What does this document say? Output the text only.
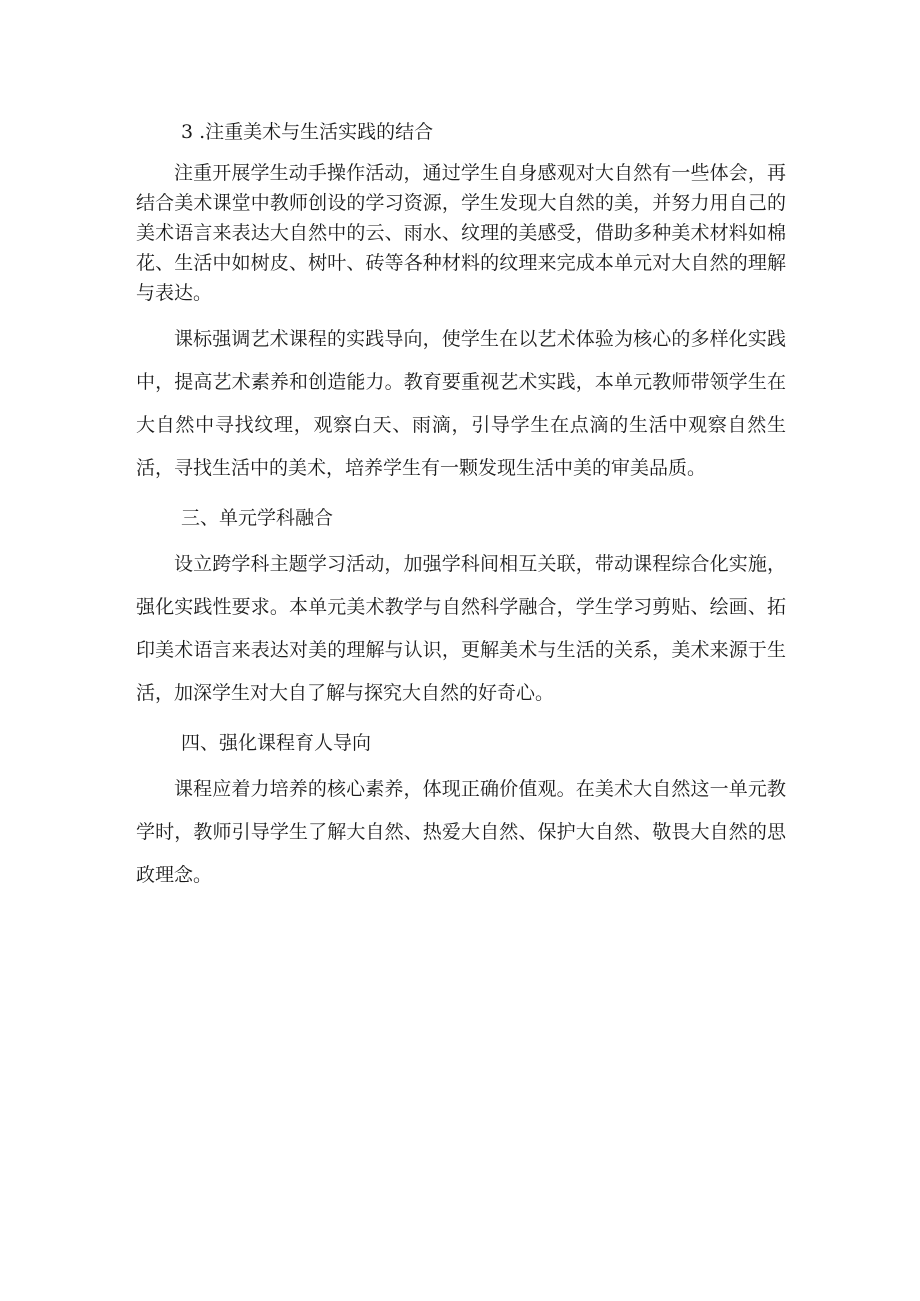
3 .注重美术与生活实践的结合

注重开展学生动手操作活动，通过学生自身感观对大自然有一些体会，再结合美术课堂中教师创设的学习资源，学生发现大自然的美，并努力用自己的美术语言来表达大自然中的云、雨水、纹理的美感受，借助多种美术材料如棉花、生活中如树皮、树叶、砖等各种材料的纹理来完成本单元对大自然的理解与表达。

课标强调艺术课程的实践导向，使学生在以艺术体验为核心的多样化实践中，提高艺术素养和创造能力。教育要重视艺术实践，本单元教师带领学生在大自然中寻找纹理，观察白天、雨滴，引导学生在点滴的生活中观察自然生活，寻找生活中的美术，培养学生有一颗发现生活中美的审美品质。

三、单元学科融合

设立跨学科主题学习活动，加强学科间相互关联，带动课程综合化实施，强化实践性要求。本单元美术教学与自然科学融合，学生学习剪贴、绘画、拓印美术语言来表达对美的理解与认识，更解美术与生活的关系，美术来源于生活，加深学生对大自了解与探究大自然的好奇心。

四、强化课程育人导向

课程应着力培养的核心素养，体现正确价值观。在美术大自然这一单元教学时，教师引导学生了解大自然、热爱大自然、保护大自然、敬畏大自然的思政理念。
